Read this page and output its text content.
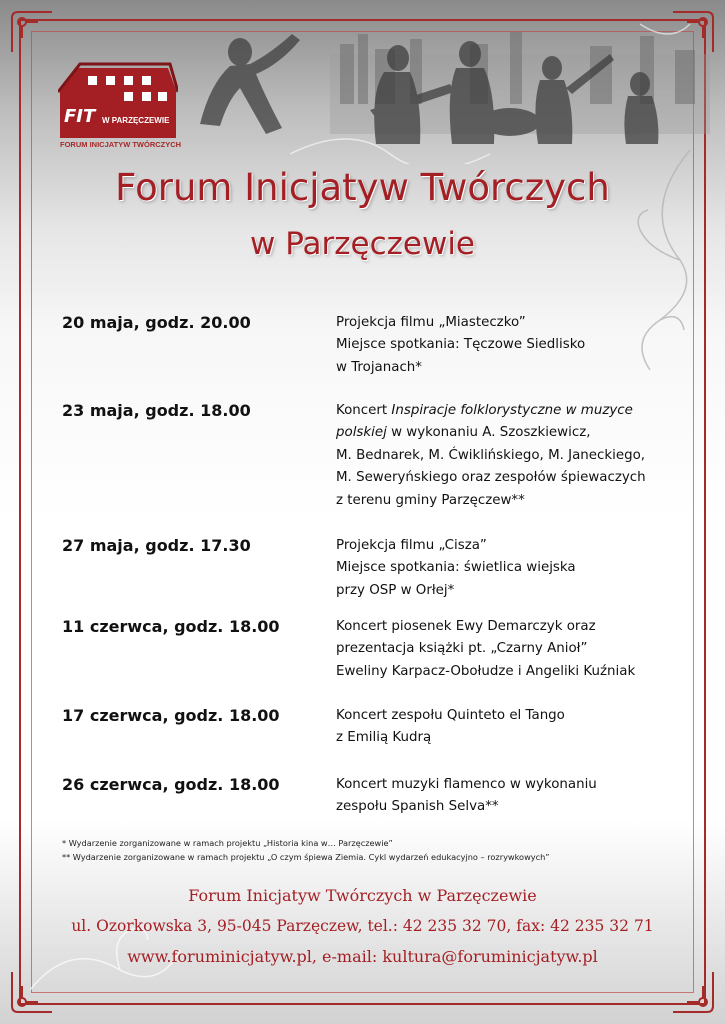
FIT W PARZĘCZEWIE
FORUM INICJATYW TWÓRCZYCH
Forum Inicjatyw Twórczych
w Parzęczewie
20 maja, godz. 20.00	Projekcja filmu „Miasteczko”
Miejsce spotkania: Tęczowe Siedlisko
w Trojanach*
23 maja, godz. 18.00	Koncert Inspiracje folklorystyczne w muzyce
polskiej w wykonaniu A. Szoszkiewicz,
M. Bednarek, M. Ćwiklińskiego, M. Janeckiego,
M. Seweryńskiego oraz zespołów śpiewaczych
z terenu gminy Parzęczew**
27 maja, godz. 17.30	Projekcja filmu „Cisza”
Miejsce spotkania: świetlica wiejska
przy OSP w Orłej*
11 czerwca, godz. 18.00	Koncert piosenek Ewy Demarczyk oraz
prezentacja książki pt. „Czarny Anioł”
Eweliny Karpacz-Obołudze i Angeliki Kuźniak
17 czerwca, godz. 18.00	Koncert zespołu Quinteto el Tango
z Emilią Kudrą
26 czerwca, godz. 18.00	Koncert muzyki flamenco w wykonaniu
zespołu Spanish Selva**
* Wydarzenie zorganizowane w ramach projektu „Historia kina w… Parzęczewie”
** Wydarzenie zorganizowane w ramach projektu „O czym śpiewa Ziemia. Cykl wydarzeń edukacyjno – rozrywkowych”
Forum Inicjatyw Twórczych w Parzęczewie
ul. Ozorkowska 3, 95-045 Parzęczew, tel.: 42 235 32 70, fax: 42 235 32 71
www.foruminicjatyw.pl, e-mail: kultura@foruminicjatyw.pl
